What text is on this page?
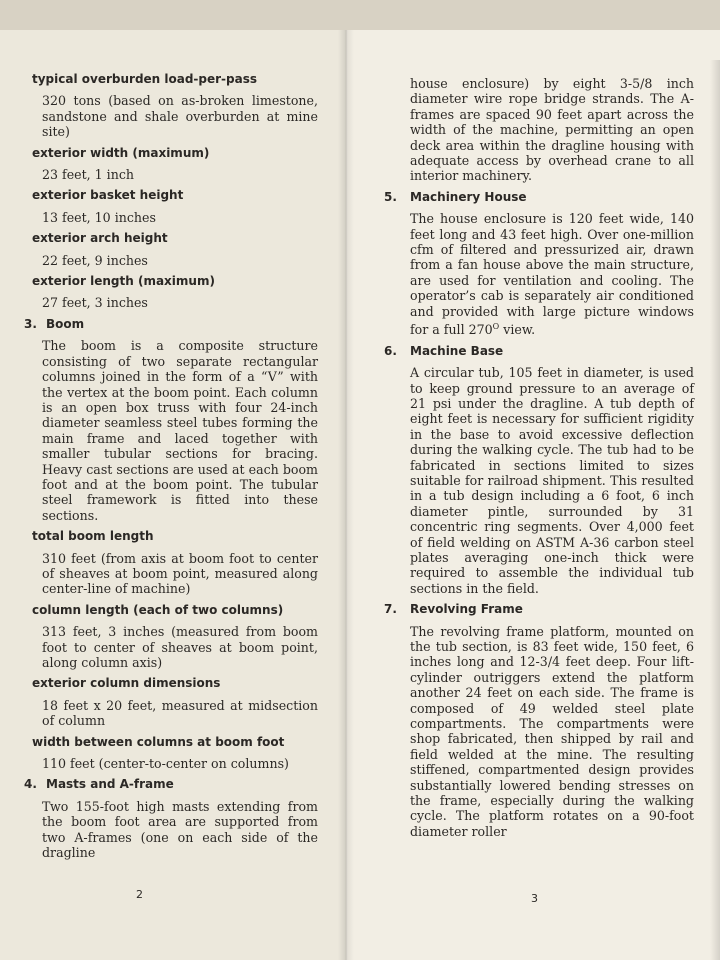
typical overburden load-per-pass
320 tons (based on as-broken limestone, sandstone and shale overburden at mine site)
exterior width (maximum)
23 feet, 1 inch
exterior basket height
13 feet, 10 inches
exterior arch height
22 feet, 9 inches
exterior length (maximum)
27 feet, 3 inches
3. Boom
The boom is a composite structure consisting of two separate rectangular columns joined in the form of a “V” with the vertex at the boom point. Each column is an open box truss with four 24-inch diameter seamless steel tubes forming the main frame and laced together with smaller tubular sections for bracing. Heavy cast sections are used at each boom foot and at the boom point. The tubular steel framework is fitted into these sections.
total boom length
310 feet (from axis at boom foot to center of sheaves at boom point, measured along center-line of machine)
column length (each of two columns)
313 feet, 3 inches (measured from boom foot to center of sheaves at boom point, along column axis)
exterior column dimensions
18 feet x 20 feet, measured at midsection of column
width between columns at boom foot
110 feet (center-to-center on columns)
4. Masts and A-frame
Two 155-foot high masts extending from the boom foot area are supported from two A-frames (one on each side of the dragline
2
house enclosure) by eight 3-5/8 inch diameter wire rope bridge strands. The A-frames are spaced 90 feet apart across the width of the machine, permitting an open deck area within the dragline housing with adequate access by overhead crane to all interior machinery.
5. Machinery House
The house enclosure is 120 feet wide, 140 feet long and 43 feet high. Over one-million cfm of filtered and pressurized air, drawn from a fan house above the main structure, are used for ventilation and cooling. The operator’s cab is separately air conditioned and provided with large picture windows for a full $270^O$ view.
6. Machine Base
A circular tub, 105 feet in diameter, is used to keep ground pressure to an average of 21 psi under the dragline. A tub depth of eight feet is necessary for sufficient rigidity in the base to avoid excessive deflection during the walking cycle. The tub had to be fabricated in sections limited to sizes suitable for railroad shipment. This resulted in a tub design including a 6 foot, 6 inch diameter pintle, surrounded by 31 concentric ring segments. Over 4,000 feet of field welding on ASTM A-36 carbon steel plates averaging one-inch thick were required to assemble the individual tub sections in the field.
7. Revolving Frame
The revolving frame platform, mounted on the tub section, is 83 feet wide, 150 feet, 6 inches long and 12-3/4 feet deep. Four lift-cylinder outriggers extend the platform another 24 feet on each side. The frame is composed of 49 welded steel plate compartments. The compartments were shop fabricated, then shipped by rail and field welded at the mine. The resulting stiffened, compartmented design provides substantially lowered bending stresses on the frame, especially during the walking cycle. The platform rotates on a 90-foot diameter roller
3
